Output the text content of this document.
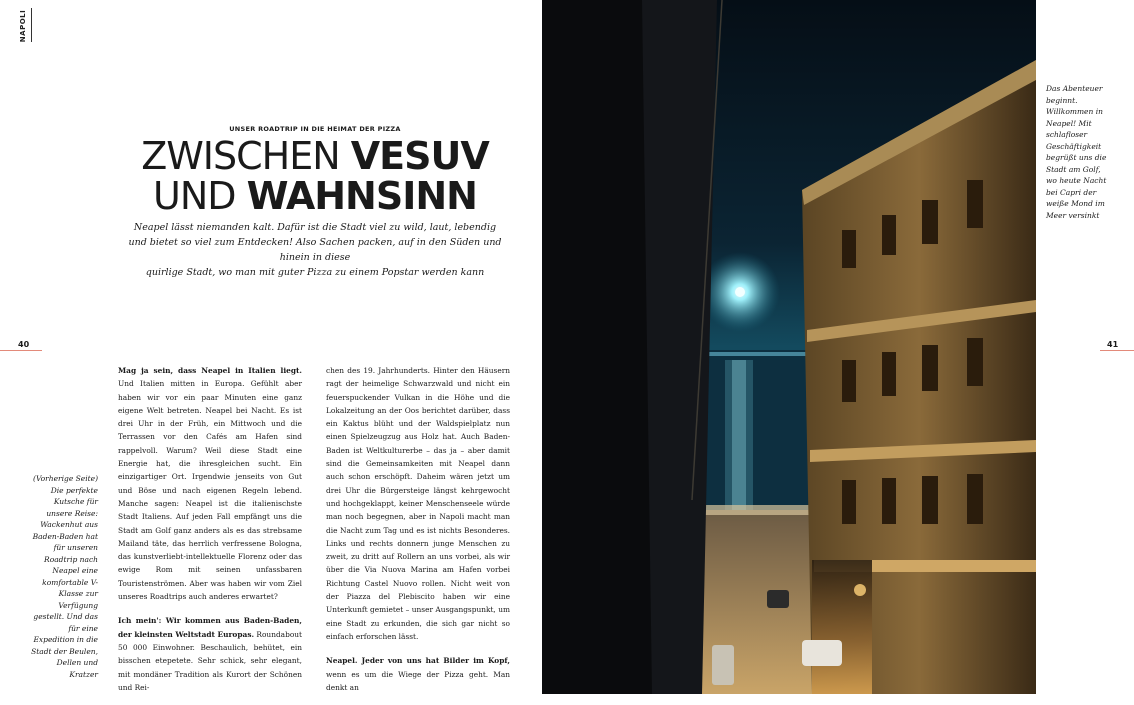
NAPOLI
UNSER ROADTRIP IN DIE HEIMAT DER PIZZA
ZWISCHEN VESUV
UND WAHNSINN
Neapel lässt niemanden kalt. Dafür ist die Stadt viel zu wild, laut, lebendig
und bietet so viel zum Entdecken! Also Sachen packen, auf in den Süden und hinein in diese
quirlige Stadt, wo man mit guter Pizza zu einem Popstar werden kann
40	41
(Vorherige Seite) Die perfekte Kutsche für unsere Reise: Wackenhut aus Baden-Baden hat für unseren Roadtrip nach Neapel eine komfortable V-Klasse zur Verfügung gestellt. Und das für eine Expedition in die Stadt der Beulen, Dellen und Kratzer
Das Abenteuer beginnt. Willkommen in Neapel! Mit schlafloser Geschäftigkeit begrüßt uns die Stadt am Golf, wo heute Nacht bei Capri der weiße Mond im Meer versinkt

Mag ja sein, dass Neapel in Italien liegt. Und Italien mitten in Europa. Gefühlt aber haben wir vor ein paar Minuten eine ganz eigene Welt betreten. Neapel bei Nacht. Es ist drei Uhr in der Früh, ein Mittwoch und die Terrassen vor den Cafés am Hafen sind rappelvoll. Warum? Weil diese Stadt eine Energie hat, die ihresgleichen sucht. Ein einzigartiger Ort. Irgendwie jenseits von Gut und Böse und nach eigenen Regeln lebend. Manche sagen: Neapel ist die italienischste Stadt Italiens. Auf jeden Fall empfängt uns die Stadt am Golf ganz anders als es das strebsame Mailand täte, das herrlich verfressene Bologna, das kunstverliebt-intellektuelle Florenz oder das ewige Rom mit seinen unfassbaren Touristenströmen. Aber was haben wir vom Ziel unseres Roadtrips auch anderes erwartet?

Ich mein': Wir kommen aus Baden-Baden, der kleinsten Weltstadt Europas. Roundabout 50 000 Einwohner. Beschaulich, behütet, ein bisschen etepetete. Sehr schick, sehr elegant, mit mondäner Tradition als Kurort der Schönen und Rei-

chen des 19. Jahrhunderts. Hinter den Häusern ragt der heimelige Schwarzwald und nicht ein feuerspuckender Vulkan in die Höhe und die Lokalzeitung an der Oos berichtet darüber, dass ein Kaktus blüht und der Waldspielplatz nun einen Spielzeugzug aus Holz hat. Auch Baden-Baden ist Weltkulturerbe – das ja – aber damit sind die Gemeinsamkeiten mit Neapel dann auch schon erschöpft. Daheim wären jetzt um drei Uhr die Bürgersteige längst kehrgewocht und hochgeklappt, keiner Menschenseele würde man noch begegnen, aber in Napoli macht man die Nacht zum Tag und es ist nichts Besonderes. Links und rechts donnern junge Menschen zu zweit, zu dritt auf Rollern an uns vorbei, als wir über die Via Nuova Marina am Hafen vorbei Richtung Castel Nuovo rollen. Nicht weit von der Piazza del Plebiscito haben wir eine Unterkunft gemietet – unser Ausgangspunkt, um eine Stadt zu erkunden, die sich gar nicht so einfach erforschen lässt.

Neapel. Jeder von uns hat Bilder im Kopf, wenn es um die Wiege der Pizza geht. Man denkt an
